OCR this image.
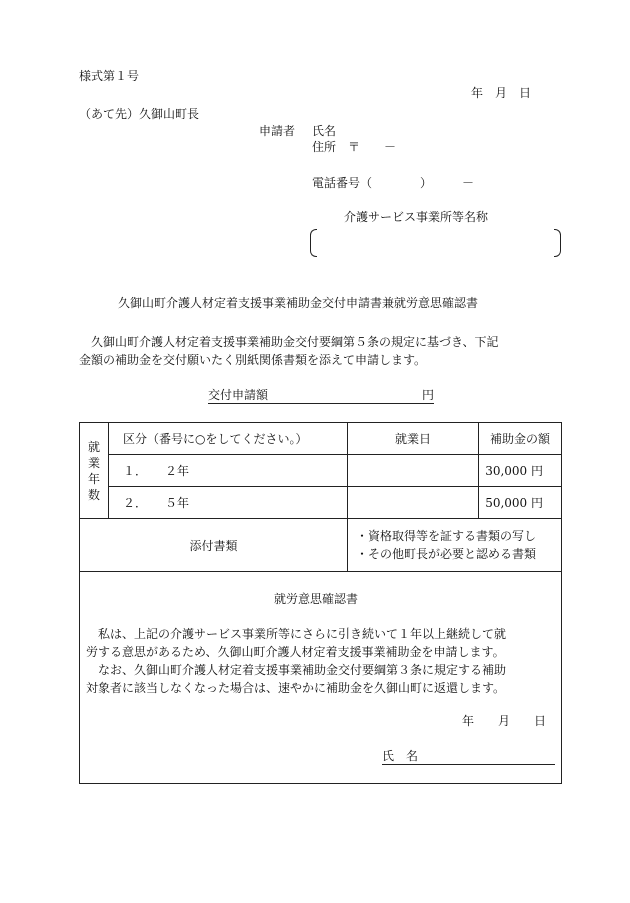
様式第１号
年　月　日
（あて先）久御山町長
申請者 氏名
住所　〒　　－
電話番号（　　　　）　　　－
介護サービス事業所等名称
久御山町介護人材定着支援事業補助金交付申請書兼就労意思確認書
　久御山町介護人材定着支援事業補助金交付要綱第５条の規定に基づき、下記
金額の補助金を交付願いたく別紙関係書類を添えて申請します。
交付申請額	円
就
業
年
数	区分（番号に○をしてください。）	就業日	補助金の額
	１．　　２年		30,000 円
	２．　　５年		50,000 円
添付書類		・資格取得等を証する書類の写し
・その他町長が必要と認める書類	
就労意思確認書
　私は、上記の介護サービス事業所等にさらに引き続いて１年以上継続して就
労する意思があるため、久御山町介護人材定着支援事業補助金を申請します。
　なお、久御山町介護人材定着支援事業補助金交付要綱第３条に規定する補助
対象者に該当しなくなった場合は、速やかに補助金を久御山町に返還します。
年　　月　　日
氏　名
